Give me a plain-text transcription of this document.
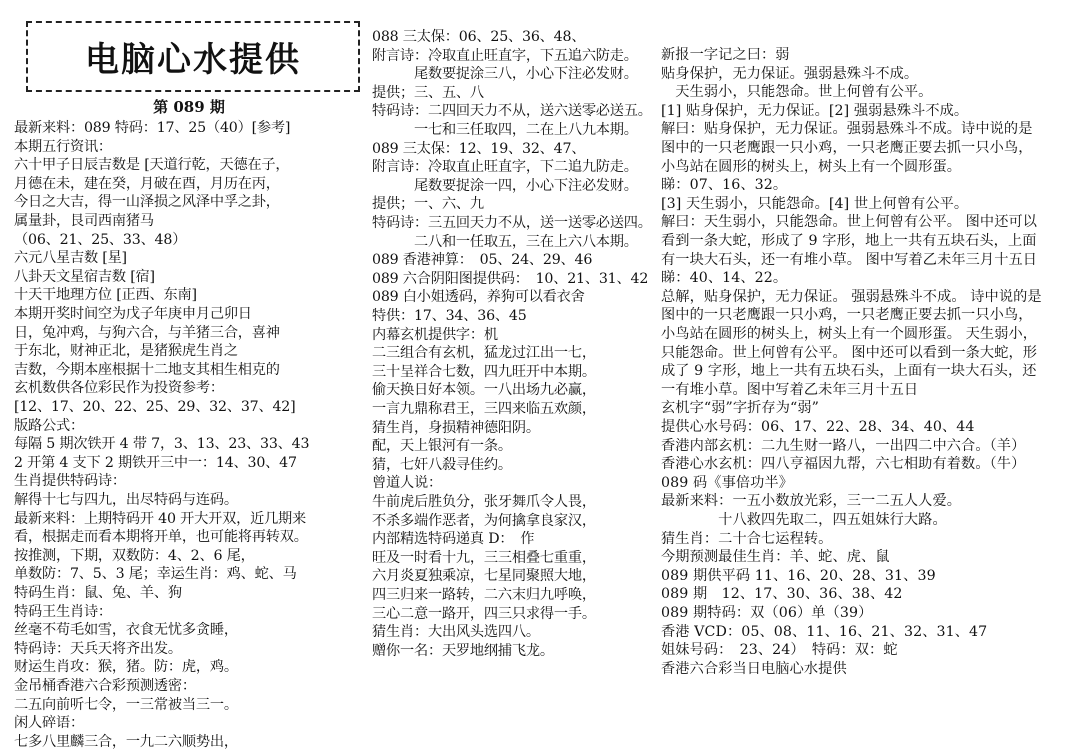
电脑心水提供
第 089 期
最新来料：089 特码：17、25（40）[参考]
本期五行资讯：
六十甲子日辰吉数是 [天道行乾，天德在子，
月德在未，建在癸，月破在酉，月历在丙，
今日之大吉，得一山泽损之风泽中孚之卦，
属量卦，艮司西南猪马
（06、21、25、33、48）
六元八星吉数 [星]
八卦天文星宿吉数 [宿]
十天干地理方位 [正西、东南]
本期开奖时间空为戊子年庚申月己卯日
日，兔冲鸡，与狗六合，与羊猪三合，喜神
于东北，财神正北，是猪猴虎生肖之
吉数，今期本座根据十二地支其相生相克的
玄机数供各位彩民作为投资参考：
[12、17、20、22、25、29、32、37、42]
版路公式：
每隔 5 期次铁开 4 带 7，3、13、23、33、43
2 开第 4 支下 2 期铁开三中一：14、30、47
生肖提供特码诗：
解得十七与四九，出尽特码与连码。
最新来料：上期特码开 40 开大开双，近几期来
看，根据走而看本期将开单，也可能将再转双。
按推测，下期，双数防：4、2、6 尾，
单数防：7、5、3 尾；幸运生肖：鸡、蛇、马
特码生肖：鼠、兔、羊、狗
特码王生肖诗：
丝毫不苟毛如雪，衣食无忧多贪睡，
特码诗：天兵天将齐出发。
财运生肖攻：猴，猪。防：虎，鸡。
金吊桶香港六合彩预测透密：
二五向前听七令，一三常被当三一。
闲人碎语：
七多八里麟三合，一九二六顺势出，
088 三太保：06、25、36、48、
附言诗：冷取直止旺直字，下五追六防走。
　　　尾数要捉涂三八，小心下注必发财。
提供；三、五、八
特码诗：二四回天力不从，送六送零必送五。
　　　一七和三任取四，二在上八九本期。
089 三太保：12、19、32、47、
附言诗：冷取直止旺直字，下二追九防走。
　　　尾数要捉涂一四，小心下注必发财。
提供；一、六、九
特码诗：三五回天力不从，送一送零必送四。
　　　二八和一任取五，三在上六八本期。
089 香港神算：　05、24、29、46
089 六合阴阳图提供码：　10、21、31、42
089 白小姐透码，养狗可以看衣舍
特供：17、34、36、45
内幕玄机提供字：机
二三组合有玄机，猛龙过江出一七，
三十呈祥合七数，四九旺开中本期。
偷天换日好本领。一八出场九必赢，
一言九鼎称君王，三四来临五欢颜，
猜生肖，身损精神德阳阴。
配，天上银河有一条。
猜，七奸八殺寻佳约。
曾道人说：
牛前虎后胜负分，张牙舞爪令人畏，
不杀多端作恶者，为何擒拿良家汉，
内部精选特码递真 D：　作
旺及一时看十九，三三相叠七重重，
六月炎夏独乘凉，七星同聚照大地，
四三归来一路转，二六末归九呼唤，
三心二意一路开，四三只求得一手。
猜生肖：大出风头选四八。
赠你一名：天罗地纲捕飞龙。
新报一字记之曰：弱
贴身保护，无力保证。强弱悬殊斗不成。
　天生弱小，只能怨命。世上何曾有公平。
[1] 贴身保护，无力保证。[2] 强弱悬殊斗不成。
解曰：贴身保护，无力保证。强弱悬殊斗不成。诗中说的是
图中的一只老鹰跟一只小鸡，一只老鹰正要去抓一只小鸟，
小鸟站在圆形的树头上，树头上有一个圆形蛋。
睇：07、16、32。
[3] 天生弱小，只能怨命。[4] 世上何曾有公平。
解曰：天生弱小，只能怨命。世上何曾有公平。 图中还可以
看到一条大蛇，形成了 9 字形，地上一共有五块石头，上面
有一块大石头，还一有堆小草。 图中写着乙未年三月十五日
睇：40、14、22。
总解，贴身保护，无力保证。 强弱悬殊斗不成。 诗中说的是
图中的一只老鹰跟一只小鸡，一只老鹰正要去抓一只小鸟，
小鸟站在圆形的树头上，树头上有一个圆形蛋。 天生弱小，
只能怨命。世上何曾有公平。 图中还可以看到一条大蛇，形
成了 9 字形，地上一共有五块石头，上面有一块大石头，还
一有堆小草。图中写着乙未年三月十五日
玄机字“弱”字折存为“弱”
提供心水号码：06、17、22、28、34、40、44
香港内部玄机：二九生财一路八，一出四二中六合。（羊）
香港心水玄机：四八亨福因九帮，六七相助有着数。（牛）
089 码《事倍功半》
最新来料：一五小数放光彩，三一二五人人爱。
　　　　十八救四先取二，四五姐妹行大路。
猜生肖：二十合七运程转。
今期预测最佳生肖：羊、蛇、虎、鼠
089 期供平码 11、16、20、28、31、39
089 期　12、17、30、36、38、42
089 期特码：双（06）单（39）
香港 VCD：05、08、11、16、21、32、31、47
姐妹号码：　23、24）　特码：双：蛇
香港六合彩当日电脑心水提供
